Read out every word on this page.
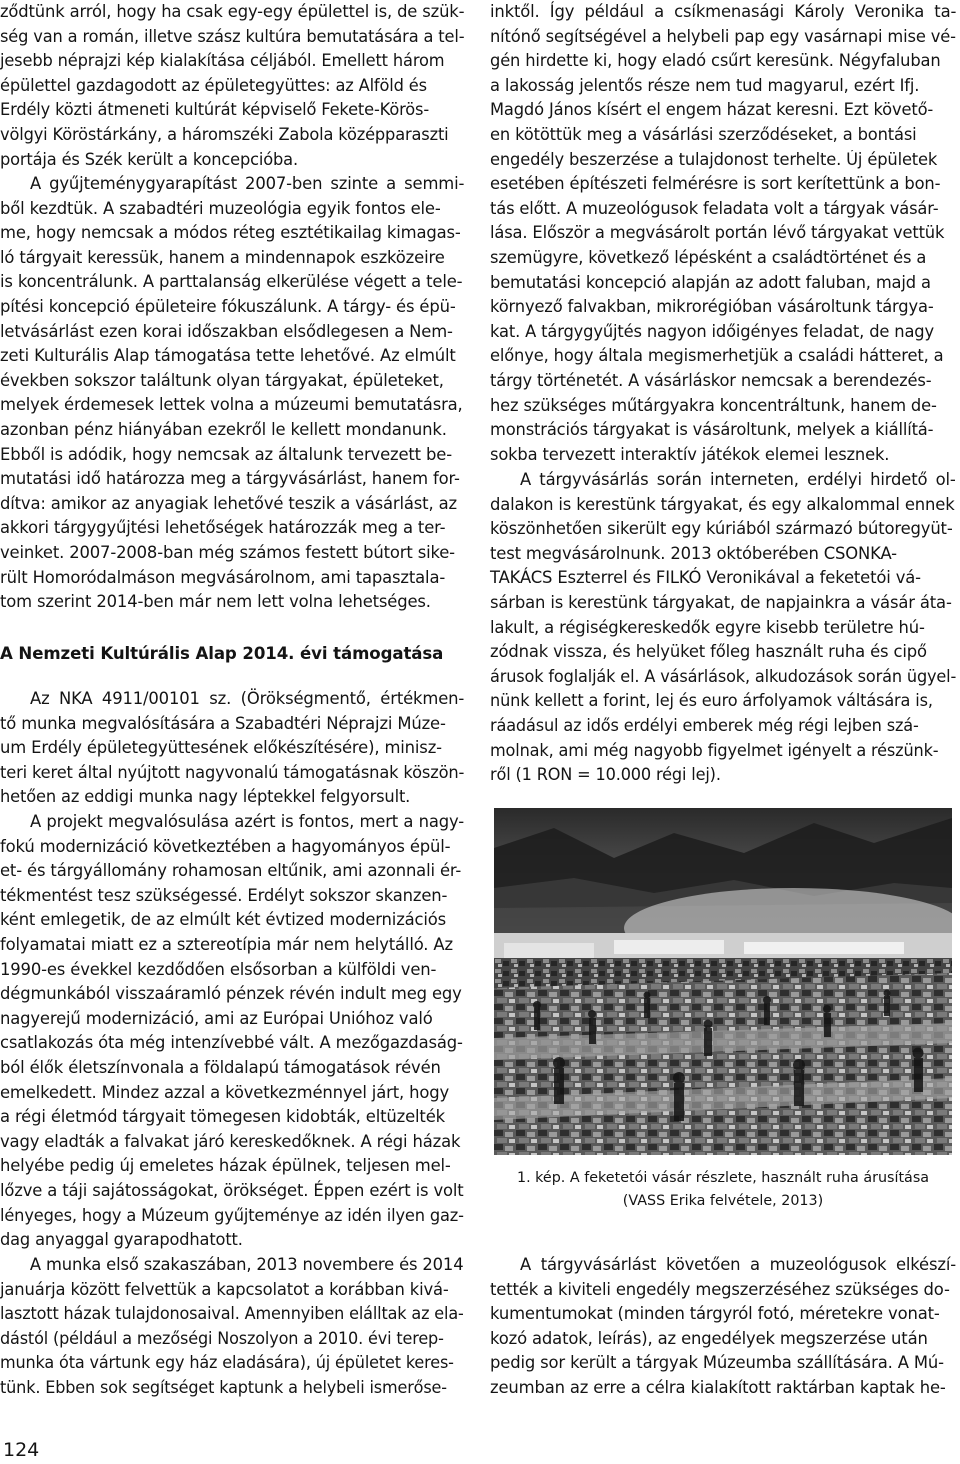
ződtünk arról, hogy ha csak egy-egy épülettel is, de szük-
ség van a román, illetve szász kultúra bemutatására a tel-
jesebb néprajzi kép kialakítása céljából. Emellett három
épülettel gazdagodott az épületegyüttes: az Alföld és
Erdély közti átmeneti kultúrát képviselő Fekete-Körös-
völgyi Köröstárkány, a háromszéki Zabola középparaszti
portája és Szék került a koncepcióba.
A gyűjteménygyarapítást 2007-ben szinte a semmi-
ből kezdtük. A szabadtéri muzeológia egyik fontos ele-
me, hogy nemcsak a módos réteg esztétikailag kimagas-
ló tárgyait keressük, hanem a mindennapok eszközeire
is koncentrálunk. A parttalanság elkerülése végett a tele-
pítési koncepció épületeire fókuszálunk. A tárgy- és épü-
letvásárlást ezen korai időszakban elsődlegesen a Nem-
zeti Kulturális Alap támogatása tette lehetővé. Az elmúlt
években sokszor találtunk olyan tárgyakat, épületeket,
melyek érdemesek lettek volna a múzeumi bemutatásra,
azonban pénz hiányában ezekről le kellett mondanunk.
Ebből is adódik, hogy nemcsak az általunk tervezett be-
mutatási idő határozza meg a tárgyvásárlást, hanem for-
dítva: amikor az anyagiak lehetővé teszik a vásárlást, az
akkori tárgygyűjtési lehetőségek határozzák meg a ter-
veinket. 2007-2008-ban még számos festett bútort sike-
rült Homoródalmáson megvásárolnom, ami tapasztala-
tom szerint 2014-ben már nem lett volna lehetséges.
A Nemzeti Kultúrális Alap 2014. évi támogatása
Az NKA 4911/00101 sz. (Örökségmentő, értékmen-
tő munka megvalósítására a Szabadtéri Néprajzi Múze-
um Erdély épületegyüttesének előkészítésére), minisz-
teri keret által nyújtott nagyvonalú támogatásnak köszön-
hetően az eddigi munka nagy léptekkel felgyorsult.
A projekt megvalósulása azért is fontos, mert a nagy-
fokú modernizáció következtében a hagyományos épül-
et- és tárgyállomány rohamosan eltűnik, ami azonnali ér-
tékmentést tesz szükségessé. Erdélyt sokszor skanzen-
ként emlegetik, de az elmúlt két évtized modernizációs
folyamatai miatt ez a sztereotípia már nem helytálló. Az
1990-es évekkel kezdődően elsősorban a külföldi ven-
dégmunkából visszaáramló pénzek révén indult meg egy
nagyerejű modernizáció, ami az Európai Unióhoz való
csatlakozás óta még intenzívebbé vált. A mezőgazdaság-
ból élők életszínvonala a földalapú támogatások révén
emelkedett. Mindez azzal a következménnyel járt, hogy
a régi életmód tárgyait tömegesen kidobták, eltüzelték
vagy eladták a falvakat járó kereskedőknek. A régi házak
helyébe pedig új emeletes házak épülnek, teljesen mel-
lőzve a táji sajátosságokat, örökséget. Éppen ezért is volt
lényeges, hogy a Múzeum gyűjteménye az idén ilyen gaz-
dag anyaggal gyarapodhatott.
A munka első szakaszában, 2013 novembere és 2014
januárja között felvettük a kapcsolatot a korábban kivá-
lasztott házak tulajdonosaival. Amennyiben elálltak az ela-
dástól (például a mezőségi Noszolyon a 2010. évi terep-
munka óta vártunk egy ház eladására), új épületet keres-
tünk. Ebben sok segítséget kaptunk a helybeli ismerőse-
inktől. Így például a csíkmenasági Károly Veronika ta-
nítónő segítségével a helybeli pap egy vasárnapi mise vé-
gén hirdette ki, hogy eladó csűrt keresünk. Négyfaluban
a lakosság jelentős része nem tud magyarul, ezért Ifj.
Magdó János kísért el engem házat keresni. Ezt követő-
en kötöttük meg a vásárlási szerződéseket, a bontási
engedély beszerzése a tulajdonost terhelte. Új épületek
esetében építészeti felmérésre is sort kerítettünk a bon-
tás előtt. A muzeológusok feladata volt a tárgyak vásár-
lása. Először a megvásárolt portán lévő tárgyakat vettük
szemügyre, következő lépésként a családtörténet és a
bemutatási koncepció alapján az adott faluban, majd a
környező falvakban, mikrorégióban vásároltunk tárgya-
kat. A tárgygyűjtés nagyon időigényes feladat, de nagy
előnye, hogy általa megismerhetjük a családi hátteret, a
tárgy történetét. A vásárláskor nemcsak a berendezés-
hez szükséges műtárgyakra koncentráltunk, hanem de-
monstrációs tárgyakat is vásároltunk, melyek a kiállítá-
sokba tervezett interaktív játékok elemei lesznek.
A tárgyvásárlás során interneten, erdélyi hirdető ol-
dalakon is kerestünk tárgyakat, és egy alkalommal ennek
köszönhetően sikerült egy kúriából származó bútoregyüt-
test megvásárolnunk. 2013 októberében CSONKA-
TAKÁCS Eszterrel és FILKÓ Veronikával a feketetói vá-
sárban is kerestünk tárgyakat, de napjainkra a vásár áta-
lakult, a régiségkereskedők egyre kisebb területre hú-
zódnak vissza, és helyüket főleg használt ruha és cipő
árusok foglalják el. A vásárlások, alkudozások során ügyel-
nünk kellett a forint, lej és euro árfolyamok váltására is,
ráadásul az idős erdélyi emberek még régi lejben szá-
molnak, ami még nagyobb figyelmet igényelt a részünk-
ről (1 RON = 10.000 régi lej).
1. kép. A feketetói vásár részlete, használt ruha árusítása
(VASS Erika felvétele, 2013)
A tárgyvásárlást követően a muzeológusok elkészí-
tették a kiviteli engedély megszerzéséhez szükséges do-
kumentumokat (minden tárgyról fotó, méretekre vonat-
kozó adatok, leírás), az engedélyek megszerzése után
pedig sor került a tárgyak Múzeumba szállítására. A Mú-
zeumban az erre a célra kialakított raktárban kaptak he-
124
